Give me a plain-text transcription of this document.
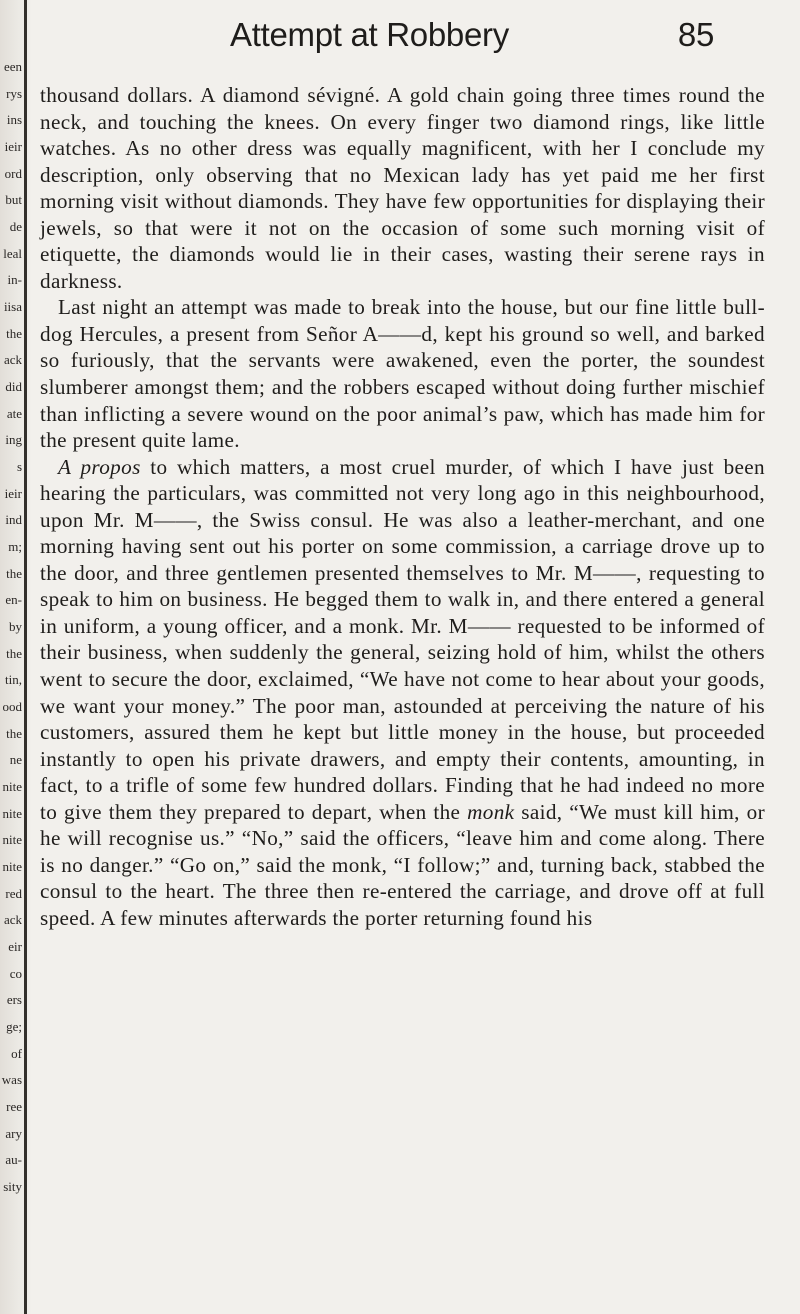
een
rys
ins
ieir
ord
but
de
leal
in-
iisa
the
ack
did
ate
ing
s
ieir
ind
m;
the
en-
by
the
tin,
ood
the
ne
nite
nite
nite
nite
red
ack
eir
co
ers
ge;
of
was
ree
ary
au-
sity
Attempt at Robbery	85

thousand dollars. A diamond sévigné. A gold chain going three times round the neck, and touching the knees. On every finger two diamond rings, like little watches. As no other dress was equally magnificent, with her I conclude my description, only observing that no Mexican lady has yet paid me her first morning visit without diamonds. They have few opportunities for displaying their jewels, so that were it not on the occasion of some such morning visit of etiquette, the diamonds would lie in their cases, wasting their serene rays in darkness.

Last night an attempt was made to break into the house, but our fine little bull-dog Hercules, a present from Señor A——d, kept his ground so well, and barked so furiously, that the servants were awakened, even the porter, the soundest slumberer amongst them; and the robbers escaped without doing further mischief than inflicting a severe wound on the poor animal’s paw, which has made him for the present quite lame.

A propos to which matters, a most cruel murder, of which I have just been hearing the particulars, was committed not very long ago in this neighbourhood, upon Mr. M——, the Swiss consul. He was also a leather-merchant, and one morning having sent out his porter on some commission, a carriage drove up to the door, and three gentlemen presented themselves to Mr. M——, requesting to speak to him on business. He begged them to walk in, and there entered a general in uniform, a young officer, and a monk. Mr. M—— requested to be informed of their business, when suddenly the general, seizing hold of him, whilst the others went to secure the door, exclaimed, “We have not come to hear about your goods, we want your money.” The poor man, astounded at perceiving the nature of his customers, assured them he kept but little money in the house, but proceeded instantly to open his private drawers, and empty their contents, amounting, in fact, to a trifle of some few hundred dollars. Finding that he had indeed no more to give them they prepared to depart, when the monk said, “We must kill him, or he will recognise us.” “No,” said the officers, “leave him and come along. There is no danger.” “Go on,” said the monk, “I follow;” and, turning back, stabbed the consul to the heart. The three then re-entered the carriage, and drove off at full speed. A few minutes afterwards the porter returning found his
